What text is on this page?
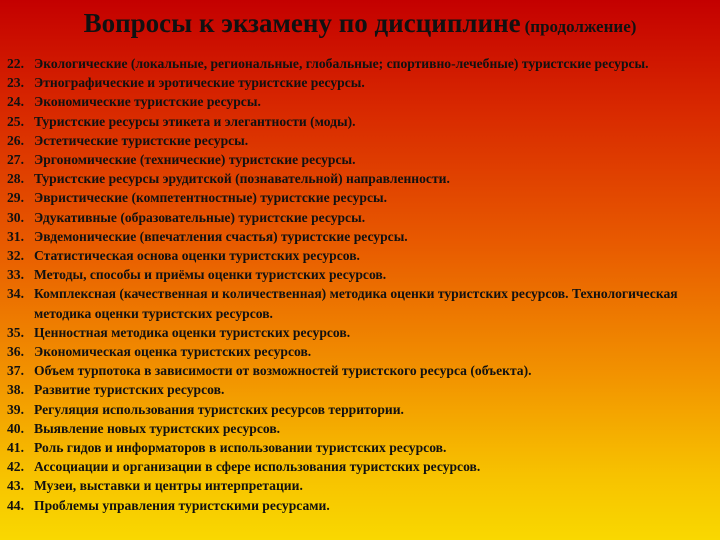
Вопросы к экзамену по дисциплине (продолжение)
22. Экологические (локальные, региональные, глобальные; спортивно-лечебные) туристские ресурсы.
23. Этнографические и эротические туристские ресурсы.
24. Экономические туристские ресурсы.
25. Туристские ресурсы этикета и элегантности (моды).
26. Эстетические туристские ресурсы.
27. Эргономические (технические) туристские ресурсы.
28. Туристские ресурсы эрудитской (познавательной) направленности.
29. Эвристические (компетентностные) туристские ресурсы.
30. Эдукативные (образовательные) туристские ресурсы.
31. Эвдемонические (впечатления счастья) туристские ресурсы.
32. Статистическая основа оценки туристских ресурсов.
33. Методы, способы и приёмы оценки туристских ресурсов.
34. Комплексная (качественная и количественная) методика оценки туристских ресурсов. Технологическая методика оценки туристских ресурсов.
35. Ценностная методика оценки туристских ресурсов.
36. Экономическая оценка туристских ресурсов.
37. Объем турпотока в зависимости от возможностей туристского ресурса (объекта).
38. Развитие туристских ресурсов.
39. Регуляция использования туристских ресурсов территории.
40. Выявление новых туристских ресурсов.
41. Роль гидов и информаторов в использовании туристских ресурсов.
42. Ассоциации и организации в сфере использования туристских ресурсов.
43. Музеи, выставки и центры интерпретации.
44. Проблемы управления туристскими ресурсами.
